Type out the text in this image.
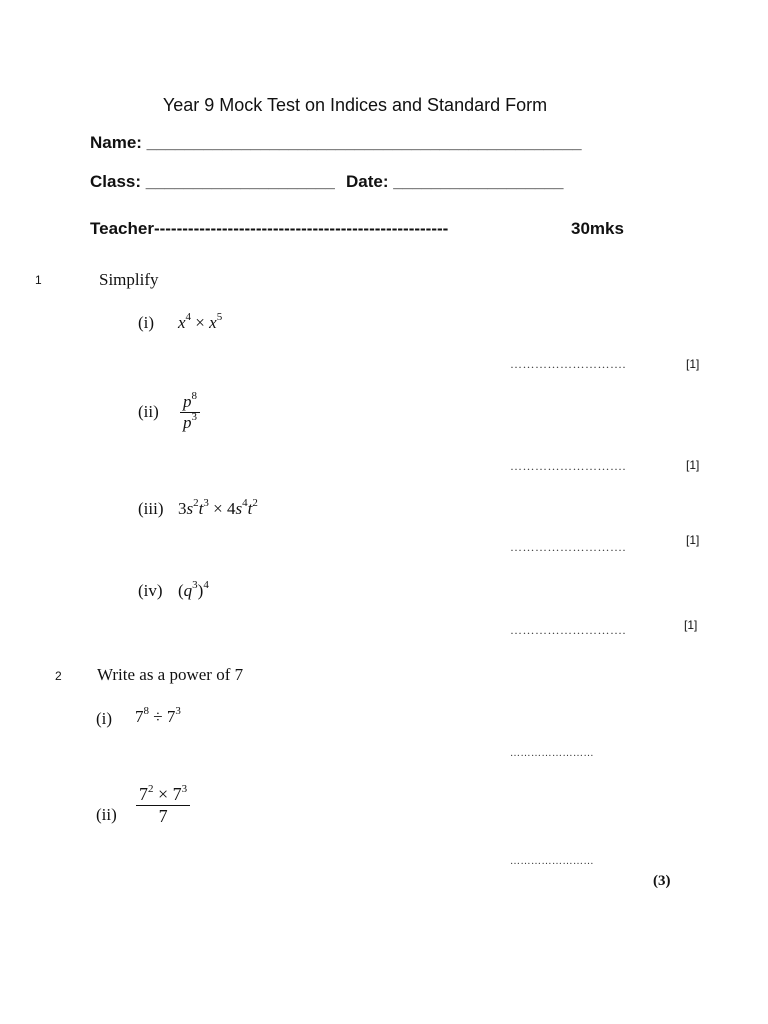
Year 9 Mock Test on Indices and Standard Form
Name: ______________________________________________
Class: ____________________ Date: __________________
Teacher----------------------------------------------------	30mks
1	Simplify
(i) $x^4 \times x^5$
……………………….	[1]
$(ii) \frac{p^8}{p^3}$
……………………….	[1]
(iii) $3s^2t^3 \times 4s^4t^2$
……………………….	[1]
(iv) $(q^3)^4$
……………………….	[1]
2 Write as a power of 7
(i) $7^8 \div 7^3$
……………………
$(ii) \frac{7^2 \times 7^3}{7}$
……………………
(3)
